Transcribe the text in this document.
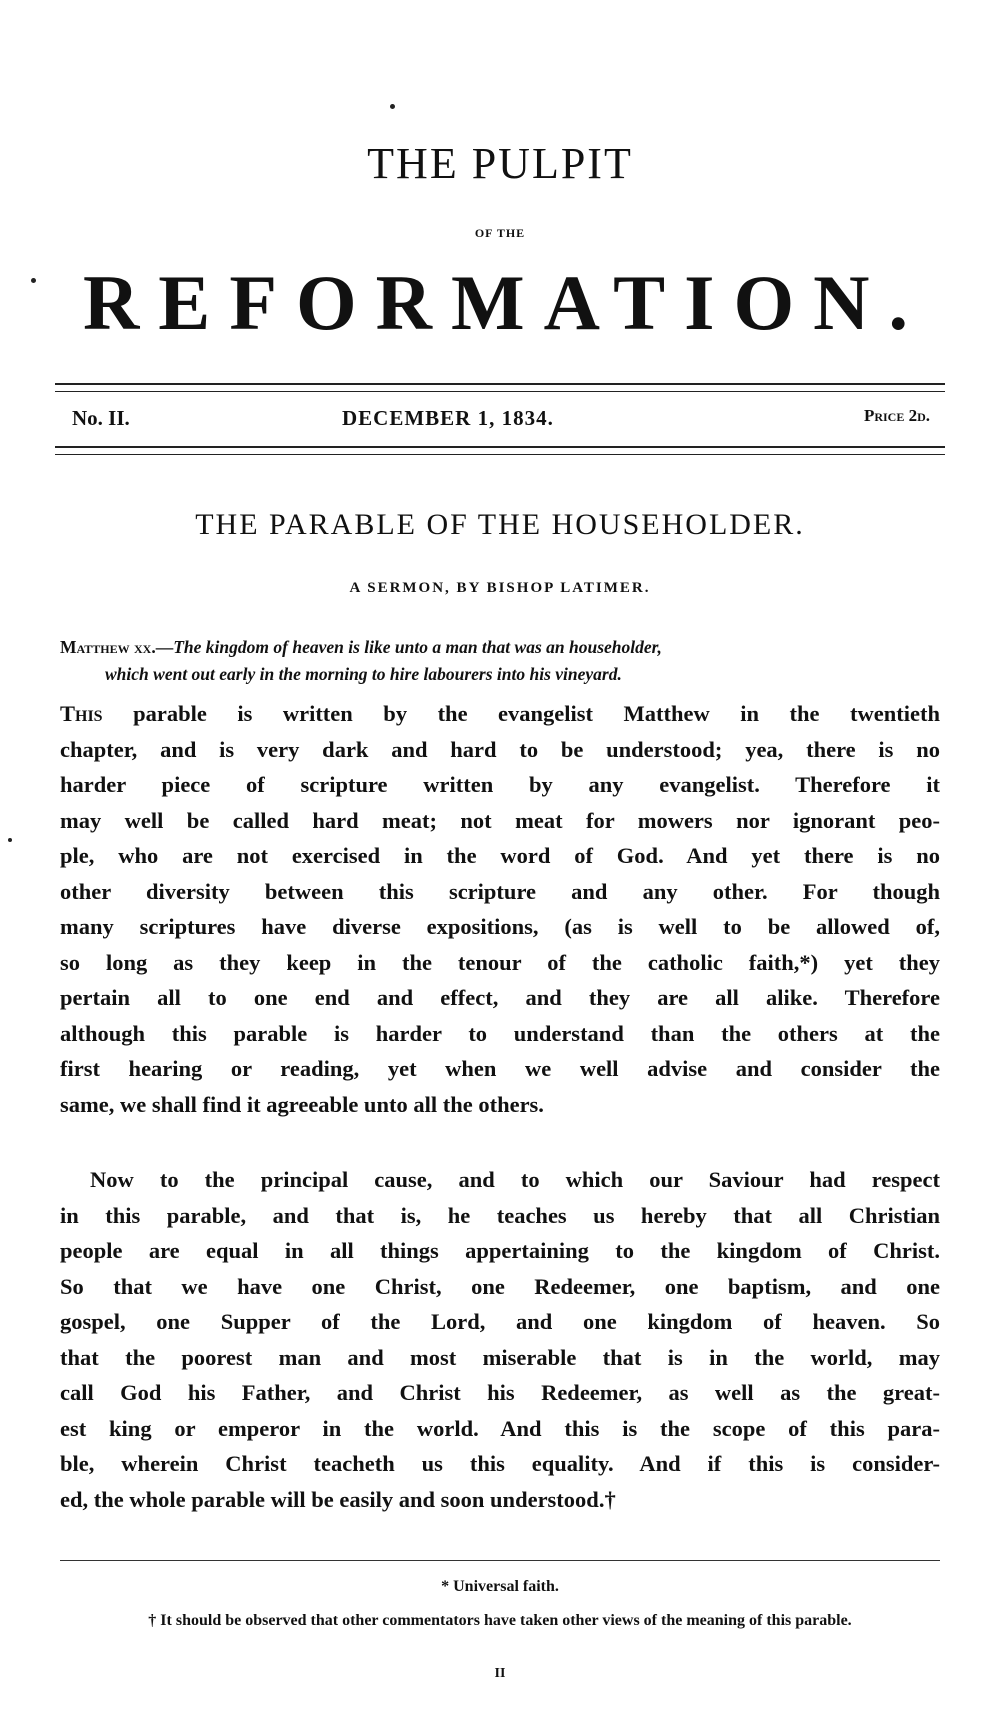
THE PULPIT
OF THE
REFORMATION.
No. II.	DECEMBER 1, 1834.	Price 2d.
THE PARABLE OF THE HOUSEHOLDER.
A SERMON, BY BISHOP LATIMER.
Matthew xx.—The kingdom of heaven is like unto a man that was an householder,
which went out early in the morning to hire labourers into his vineyard.
This parable is written by the evangelist Matthew in the twentieth
chapter, and is very dark and hard to be understood; yea, there is no
harder piece of scripture written by any evangelist. Therefore it
may well be called hard meat; not meat for mowers nor ignorant peo-
ple, who are not exercised in the word of God. And yet there is no
other diversity between this scripture and any other. For though
many scriptures have diverse expositions, (as is well to be allowed of,
so long as they keep in the tenour of the catholic faith,*) yet they
pertain all to one end and effect, and they are all alike. Therefore
although this parable is harder to understand than the others at the
first hearing or reading, yet when we well advise and consider the
same, we shall find it agreeable unto all the others.
Now to the principal cause, and to which our Saviour had respect
in this parable, and that is, he teaches us hereby that all Christian
people are equal in all things appertaining to the kingdom of Christ.
So that we have one Christ, one Redeemer, one baptism, and one
gospel, one Supper of the Lord, and one kingdom of heaven. So
that the poorest man and most miserable that is in the world, may
call God his Father, and Christ his Redeemer, as well as the great-
est king or emperor in the world. And this is the scope of this para-
ble, wherein Christ teacheth us this equality. And if this is consider-
ed, the whole parable will be easily and soon understood.†
* Universal faith.
† It should be observed that other commentators have taken other views of the meaning of this parable.
II
